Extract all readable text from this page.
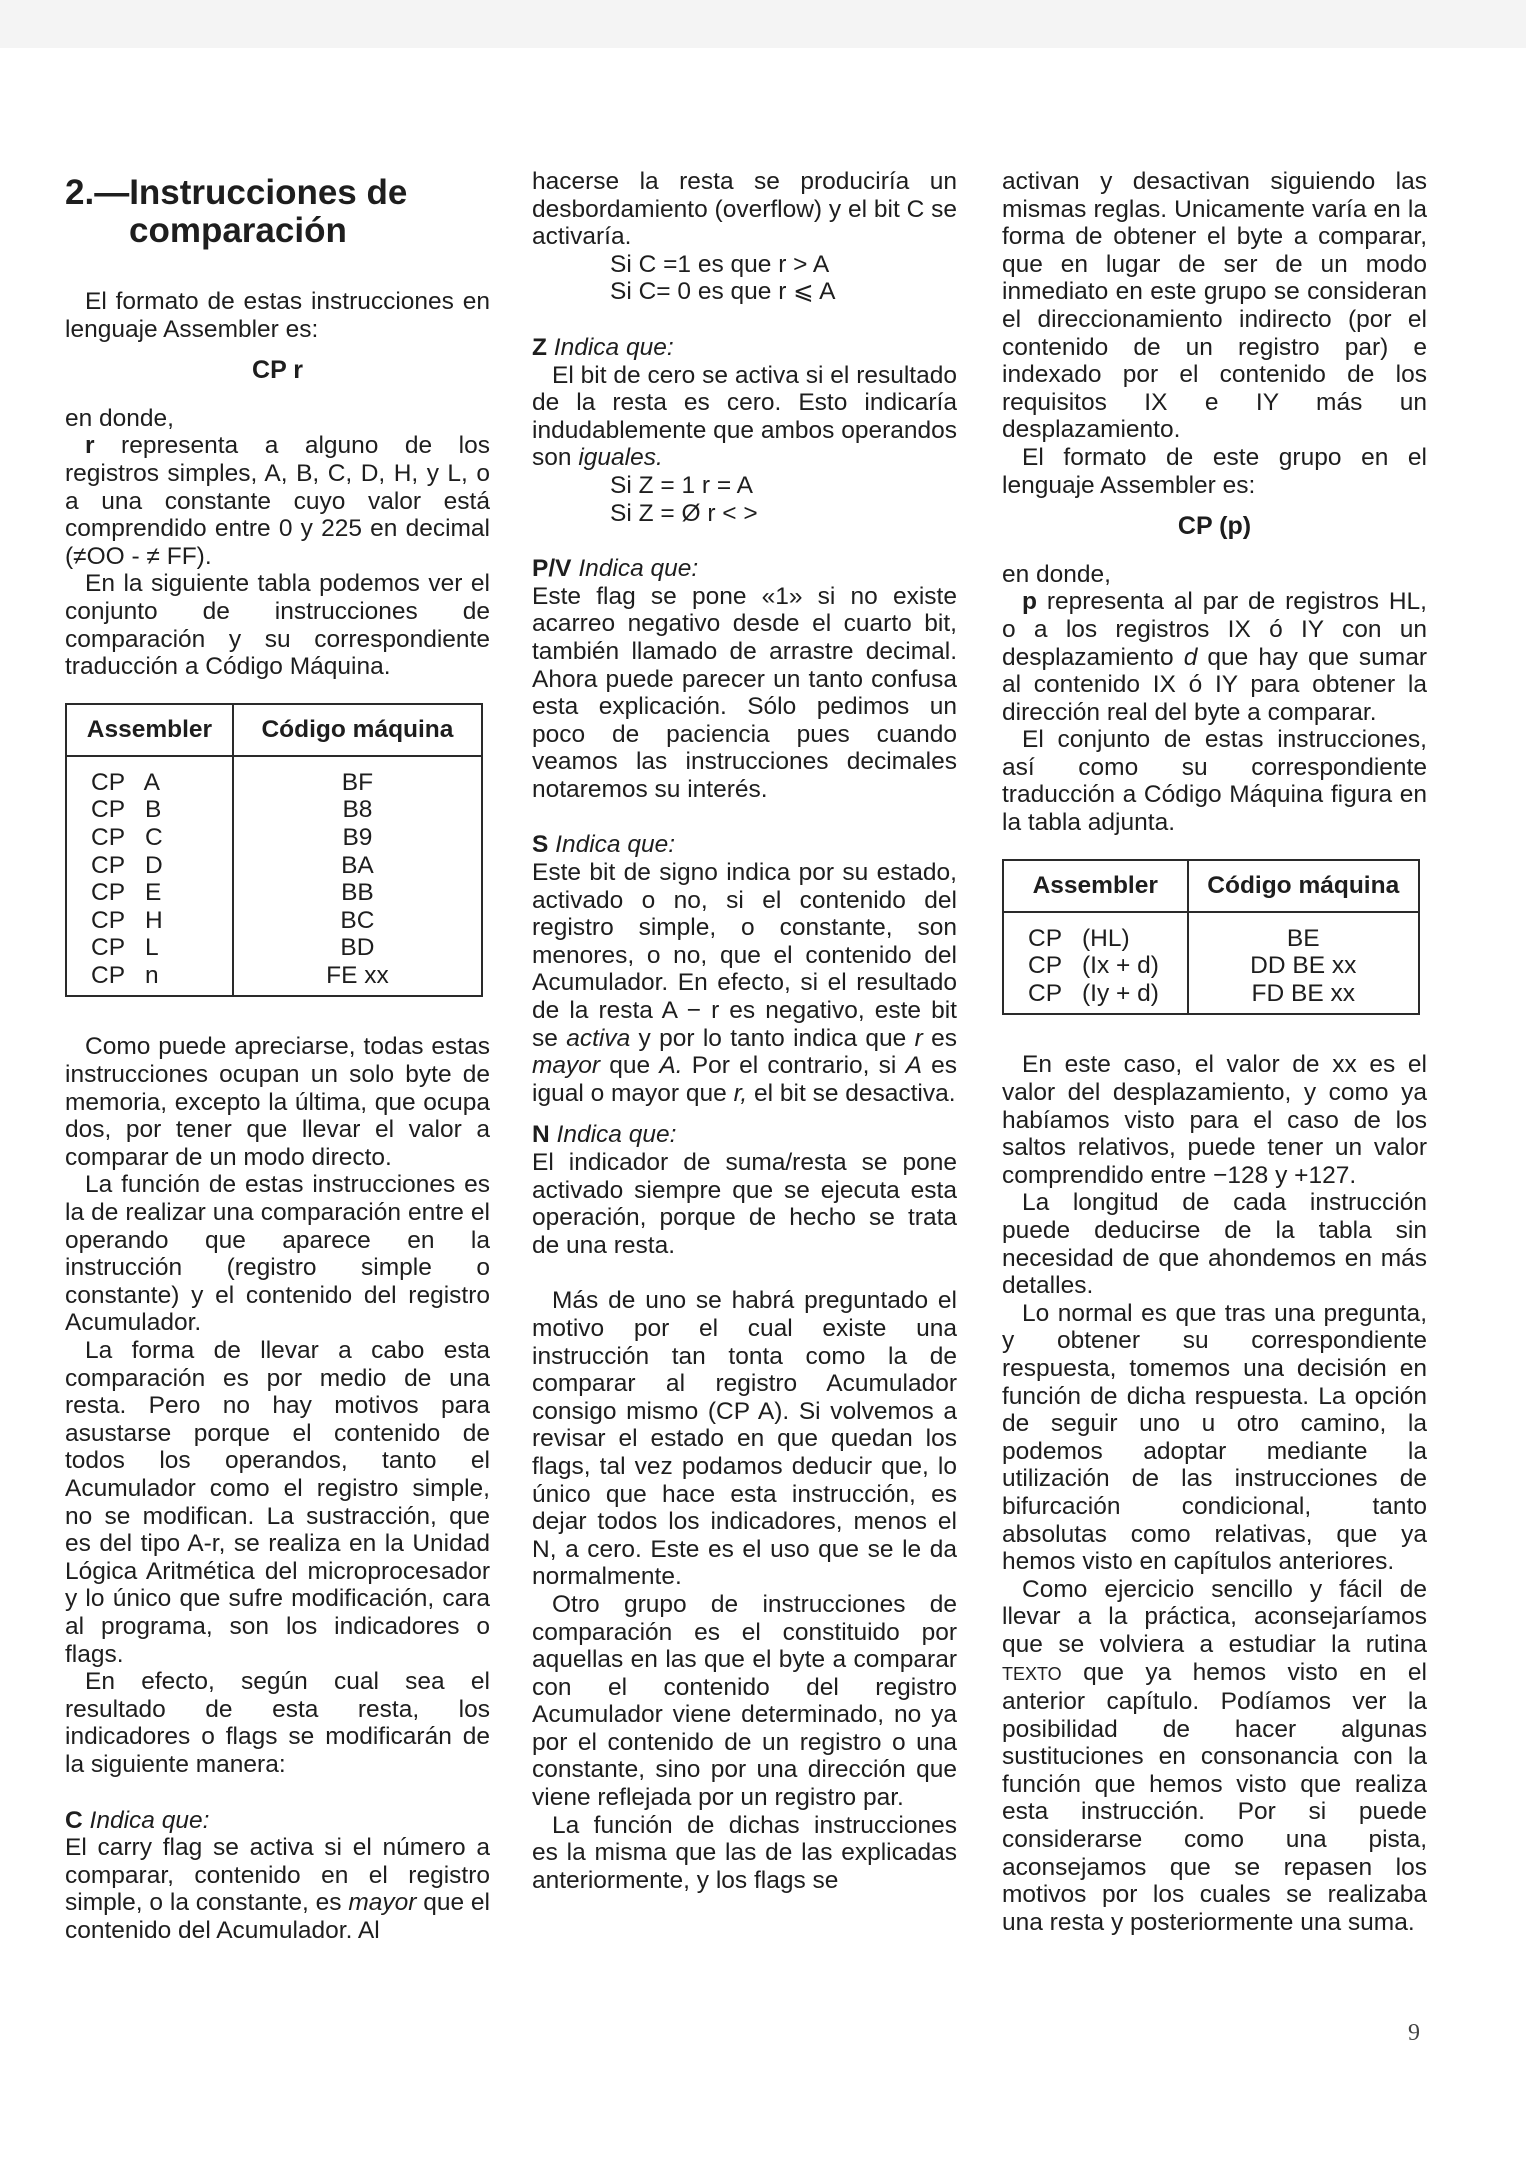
2.—Instrucciones de
comparación

El formato de estas instrucciones en lenguaje Assembler es:

CP r

en donde,

r representa a alguno de los registros simples, A, B, C, D, H, y L, o a una constante cuyo valor está comprendido entre 0 y 225 en decimal (≠OO - ≠ FF).

En la siguiente tabla podemos ver el conjunto de instrucciones de comparación y su correspondiente traducción a Código Máquina.

Assembler	Código máquina
CP   A	BF
CP   B	B8
CP   C	B9
CP   D	BA
CP   E	BB
CP   H	BC
CP   L	BD
CP   n	FE xx

Como puede apreciarse, todas estas instrucciones ocupan un solo byte de memoria, excepto la última, que ocupa dos, por tener que llevar el valor a comparar de un modo directo.

La función de estas instrucciones es la de realizar una comparación entre el operando que aparece en la instrucción (registro simple o constante) y el contenido del registro Acumulador.

La forma de llevar a cabo esta comparación es por medio de una resta. Pero no hay motivos para asustarse porque el contenido de todos los operandos, tanto el Acumulador como el registro simple, no se modifican. La sustracción, que es del tipo A-r, se realiza en la Unidad Lógica Aritmética del microprocesador y lo único que sufre modificación, cara al programa, son los indicadores o flags.

En efecto, según cual sea el resultado de esta resta, los indicadores o flags se modificarán de la siguiente manera:

C Indica que:

El carry flag se activa si el número a comparar, contenido en el registro simple, o la constante, es mayor que el contenido del Acumulador. Al

hacerse la resta se produciría un desbordamiento (overflow) y el bit C se activaría.

Si C =1 es que r > A

Si C= 0 es que r ⩽ A

Z Indica que:

El bit de cero se activa si el resultado de la resta es cero. Esto indicaría indudablemente que ambos operandos son iguales.

Si Z = 1 r = A

Si Z = Ø r < >

P/V Indica que:

Este flag se pone «1» si no existe acarreo negativo desde el cuarto bit, también llamado de arrastre decimal. Ahora puede parecer un tanto confusa esta explicación. Sólo pedimos un poco de paciencia pues cuando veamos las instrucciones decimales notaremos su interés.

S Indica que:

Este bit de signo indica por su estado, activado o no, si el contenido del registro simple, o constante, son menores, o no, que el contenido del Acumulador. En efecto, si el resultado de la resta A − r es negativo, este bit se activa y por lo tanto indica que r es mayor que A. Por el contrario, si A es igual o mayor que r, el bit se desactiva.

N Indica que:

El indicador de suma/resta se pone activado siempre que se ejecuta esta operación, porque de hecho se trata de una resta.

Más de uno se habrá preguntado el motivo por el cual existe una instrucción tan tonta como la de comparar al registro Acumulador consigo mismo (CP A). Si volvemos a revisar el estado en que quedan los flags, tal vez podamos deducir que, lo único que hace esta instrucción, es dejar todos los indicadores, menos el N, a cero. Este es el uso que se le da normalmente.

Otro grupo de instrucciones de comparación es el constituido por aquellas en las que el byte a comparar con el contenido del registro Acumulador viene determinado, no ya por el contenido de un registro o una constante, sino por una dirección que viene reflejada por un registro par.

La función de dichas instrucciones es la misma que las de las explicadas anteriormente, y los flags se

activan y desactivan siguiendo las mismas reglas. Unicamente varía en la forma de obtener el byte a comparar, que en lugar de ser de un modo inmediato en este grupo se consideran el direccionamiento indirecto (por el contenido de un registro par) e indexado por el contenido de los requisitos IX e IY más un desplazamiento.

El formato de este grupo en el lenguaje Assembler es:

CP (p)

en donde,

p representa al par de registros HL, o a los registros IX ó IY con un desplazamiento d que hay que sumar al contenido IX ó IY para obtener la dirección real del byte a comparar.

El conjunto de estas instrucciones, así como su correspondiente traducción a Código Máquina figura en la tabla adjunta.

Assembler	Código máquina
CP   (HL)	BE
CP   (Ix + d)	DD BE xx
CP   (Iy + d)	FD BE xx

En este caso, el valor de xx es el valor del desplazamiento, y como ya habíamos visto para el caso de los saltos relativos, puede tener un valor comprendido entre −128 y +127.

La longitud de cada instrucción puede deducirse de la tabla sin necesidad de que ahondemos en más detalles.

Lo normal es que tras una pregunta, y obtener su correspondiente respuesta, tomemos una decisión en función de dicha respuesta. La opción de seguir uno u otro camino, la podemos adoptar mediante la utilización de las instrucciones de bifurcación condicional, tanto absolutas como relativas, que ya hemos visto en capítulos anteriores.

Como ejercicio sencillo y fácil de llevar a la práctica, aconsejaríamos que se volviera a estudiar la rutina TEXTO que ya hemos visto en el anterior capítulo. Podíamos ver la posibilidad de hacer algunas sustituciones en consonancia con la función que hemos visto que realiza esta instrucción. Por si puede considerarse como una pista, aconsejamos que se repasen los motivos por los cuales se realizaba una resta y posteriormente una suma.

9
